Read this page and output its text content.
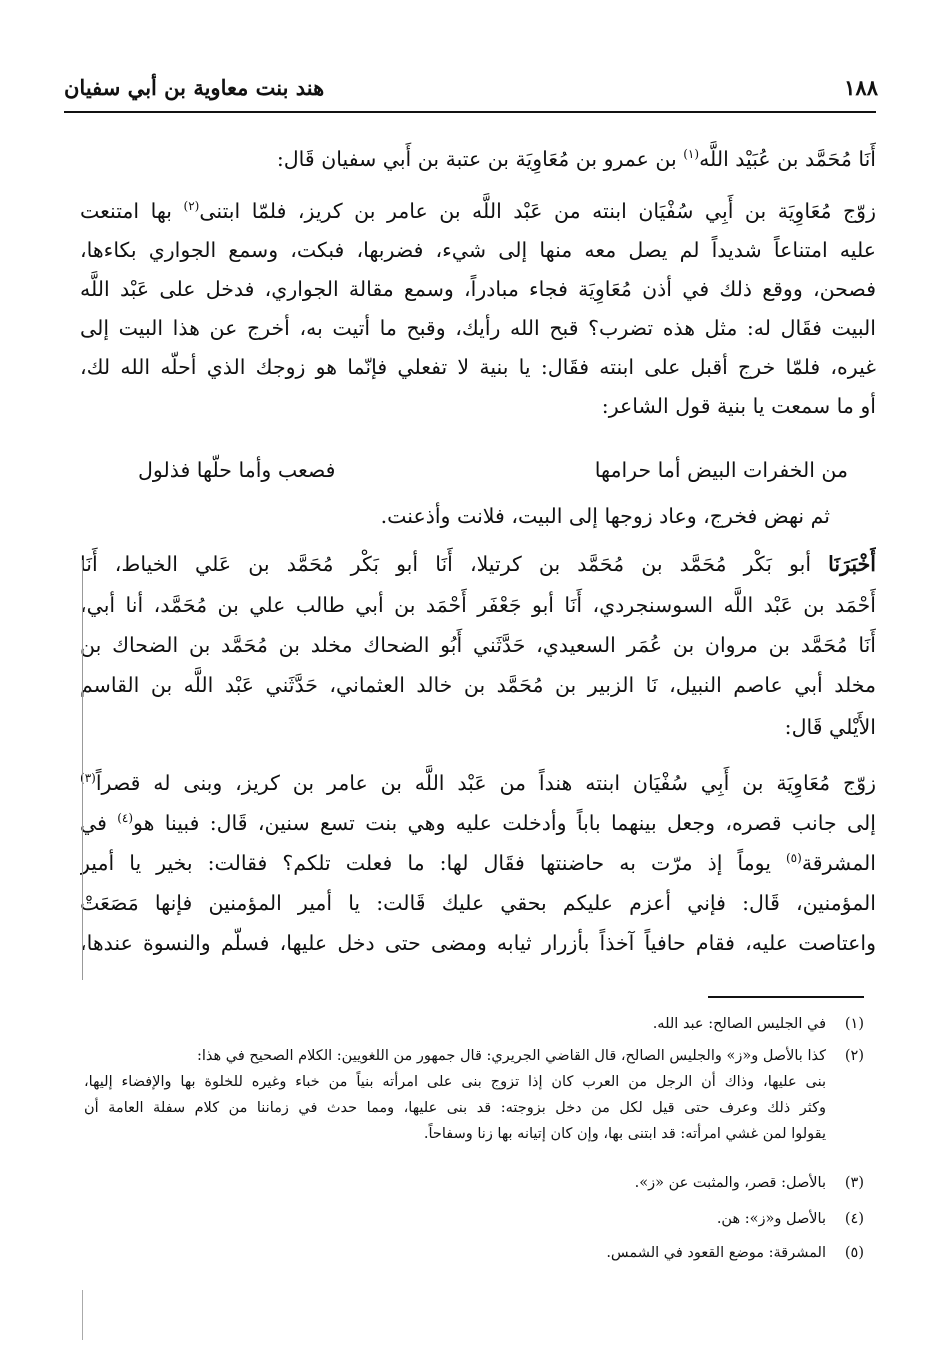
١٨٨
هند بنت معاوية بن أبي سفيان
أَنَا مُحَمَّد بن عُبَيْد اللَّه$^{(١)}$ بن عمرو بن مُعَاوِيَة بن عتبة بن أَبي سفيان قَال:
زوّج مُعَاوِيَة بن أَبِي سُفْيَان ابنته من عَبْد اللَّه بن عامر بن كريز، فلمّا ابتنى$^{(٢)}$ بها امتنعت
عليه امتناعاً شديداً لم يصل معه منها إلى شيء، فضربها، فبكت، وسمع الجواري بكاءها،
فصحن، ووقع ذلك في أذن مُعَاوِيَة فجاء مبادراً، وسمع مقالة الجواري، فدخل على عَبْد اللَّه
البيت فقَال له: مثل هذه تضرب؟ قبح الله رأيك، وقبح ما أتيت به، أخرج عن هذا البيت إلى
غيره، فلمّا خرج أقبل على ابنته فقَال: يا بنية لا تفعلي فإنّما هو زوجك الذي أحلّه الله لك،
أو ما سمعت يا بنية قول الشاعر:
من الخفرات البيض أما حرامها
فصعب وأما حلّها فذلول
ثم نهض فخرج، وعاد زوجها إلى البيت، فلانت وأذعنت.
أَخْبَرَنَا أبو بَكْر مُحَمَّد بن مُحَمَّد بن كرتيلا، أَنَا أبو بَكْر مُحَمَّد بن عَلي الخياط، أَنَا
أَحْمَد بن عَبْد اللَّه السوسنجردي، أَنَا أبو جَعْفَر أَحْمَد بن أبي طالب علي بن مُحَمَّد، أنا أبي،
أَنَا مُحَمَّد بن مروان بن عُمَر السعيدي، حَدَّثَني أَبُو الضحاك مخلد بن مُحَمَّد بن الضحاك بن
مخلد أبي عاصم النبيل، نَا الزبير بن مُحَمَّد بن خالد العثماني، حَدَّثَني عَبْد اللَّه بن القاسم
الأَيْلي قَال:
زوّج مُعَاوِيَة بن أَبِي سُفْيَان ابنته هنداً من عَبْد اللَّه بن عامر بن كريز، وبنى له قصراً$^{(٣)}$
إلى جانب قصره، وجعل بينهما باباً وأدخلت عليه وهي بنت تسع سنين، قَال: فبينا هو$^{(٤)}$ في
المشرقة$^{(٥)}$ يوماً إذ مرّت به حاضنتها فقَال لها: ما فعلت تلكم؟ فقالت: بخير يا أمير
المؤمنين، قَال: فإني أعزم عليكم بحقي عليك قَالت: يا أمير المؤمنين فإنها مَصَعَتْ
واعتاصت عليه، فقام حافياً آخذاً بأزرار ثيابه ومضى حتى دخل عليها، فسلّم والنسوة عندها،
(١)في الجليس الصالح: عبد الله.
(٢)كذا بالأصل و«ز» والجليس الصالح، قال القاضي الجريري: قال جمهور من اللغويين: الكلام الصحيح في هذا:
بنى عليها، وذاك أن الرجل من العرب كان إذا تزوج بنى على امرأته بنياً من خباء وغيره للخلوة بها والإفضاء إليها،
وكثر ذلك وعرف حتى قيل لكل من دخل بزوجته: قد بنى عليها، ومما حدث في زماننا من كلام سفلة العامة أن
يقولوا لمن غشي امرأته: قد ابتنى بها، وإن كان إتيانه بها زنا وسفاحاً.
(٣)بالأصل: قصر، والمثبت عن «ز».
(٤)بالأصل و«ز»: هن.
(٥)المشرقة: موضع القعود في الشمس.
